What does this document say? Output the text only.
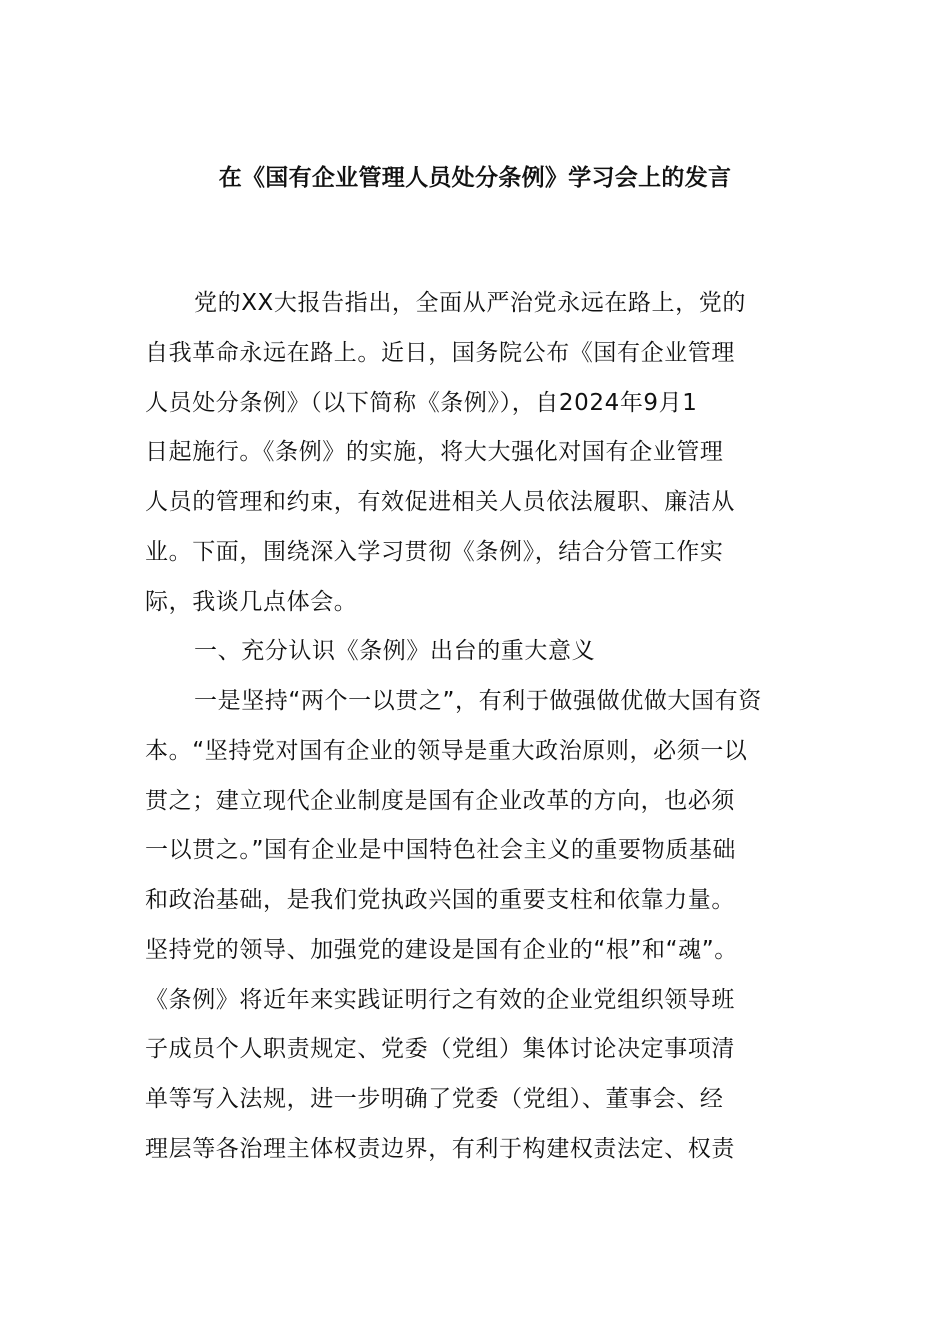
在《国有企业管理人员处分条例》学习会上的发言
党的XX大报告指出，全面从严治党永远在路上，党的
自我革命永远在路上。近日，国务院公布《国有企业管理
人员处分条例》（以下简称《条例》），自2024年9月1
日起施行。《条例》的实施，将大大强化对国有企业管理
人员的管理和约束，有效促进相关人员依法履职、廉洁从
业。下面，围绕深入学习贯彻《条例》，结合分管工作实
际，我谈几点体会。
一、充分认识《条例》出台的重大意义
一是坚持“两个一以贯之”，有利于做强做优做大国有资
本。“坚持党对国有企业的领导是重大政治原则，必须一以
贯之；建立现代企业制度是国有企业改革的方向，也必须
一以贯之。”国有企业是中国特色社会主义的重要物质基础
和政治基础，是我们党执政兴国的重要支柱和依靠力量。
坚持党的领导、加强党的建设是国有企业的“根”和“魂”。
《条例》将近年来实践证明行之有效的企业党组织领导班
子成员个人职责规定、党委（党组）集体讨论决定事项清
单等写入法规，进一步明确了党委（党组）、董事会、经
理层等各治理主体权责边界，有利于构建权责法定、权责
